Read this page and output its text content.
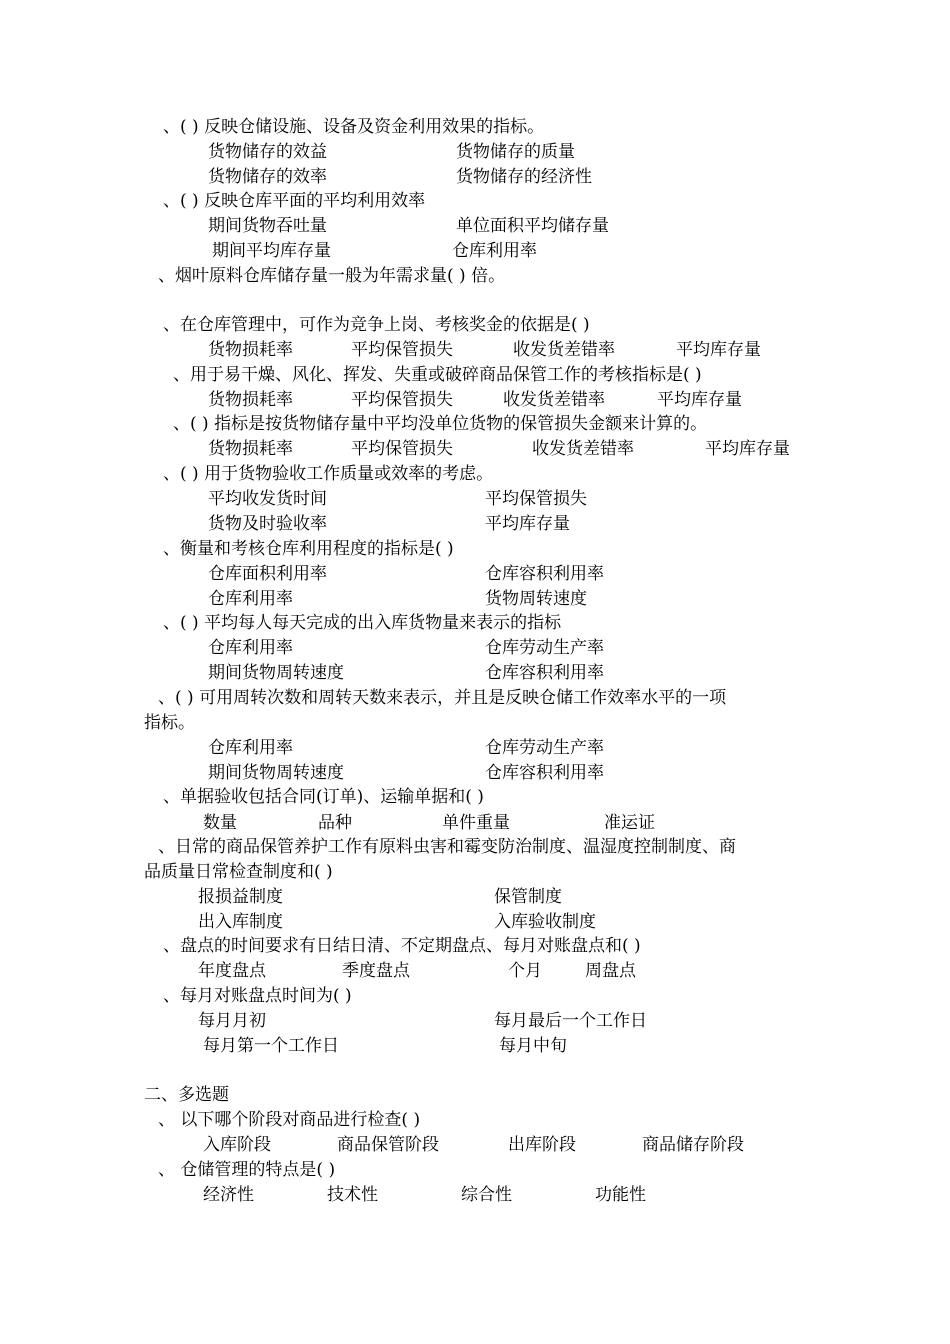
、( ) 反映仓储设施、设备及资金利用效果的指标。
货物储存的效益	货物储存的质量
货物储存的效率	货物储存的经济性
、( ) 反映仓库平面的平均利用效率
期间货物吞吐量	单位面积平均储存量
期间平均库存量	仓库利用率
、烟叶原料仓库储存量一般为年需求量( ) 倍。
、在仓库管理中，可作为竞争上岗、考核奖金的依据是( )
货物损耗率	平均保管损失	收发货差错率	平均库存量
、用于易干燥、风化、挥发、失重或破碎商品保管工作的考核指标是( )
货物损耗率	平均保管损失	收发货差错率	平均库存量
、( ) 指标是按货物储存量中平均没单位货物的保管损失金额来计算的。
货物损耗率	平均保管损失	收发货差错率	平均库存量
、( ) 用于货物验收工作质量或效率的考虑。
平均收发货时间	平均保管损失
货物及时验收率	平均库存量
、衡量和考核仓库利用程度的指标是( )
仓库面积利用率	仓库容积利用率
仓库利用率	货物周转速度
、( ) 平均每人每天完成的出入库货物量来表示的指标
仓库利用率	仓库劳动生产率
期间货物周转速度	仓库容积利用率
、( ) 可用周转次数和周转天数来表示，并且是反映仓储工作效率水平的一项
指标。
仓库利用率	仓库劳动生产率
期间货物周转速度	仓库容积利用率
、单据验收包括合同(订单)、运输单据和( )
数量	品种	单件重量	准运证
、日常的商品保管养护工作有原料虫害和霉变防治制度、温湿度控制制度、商
品质量日常检查制度和( )
报损益制度	保管制度
出入库制度	入库验收制度
、盘点的时间要求有日结日清、不定期盘点、每月对账盘点和( )
年度盘点	季度盘点	个月	周盘点
、每月对账盘点时间为( )
每月月初	每月最后一个工作日
每月第一个工作日	每月中旬
二、多选题
、 以下哪个阶段对商品进行检查( )
入库阶段	商品保管阶段	出库阶段	商品储存阶段
、 仓储管理的特点是( )
经济性	技术性	综合性	功能性
